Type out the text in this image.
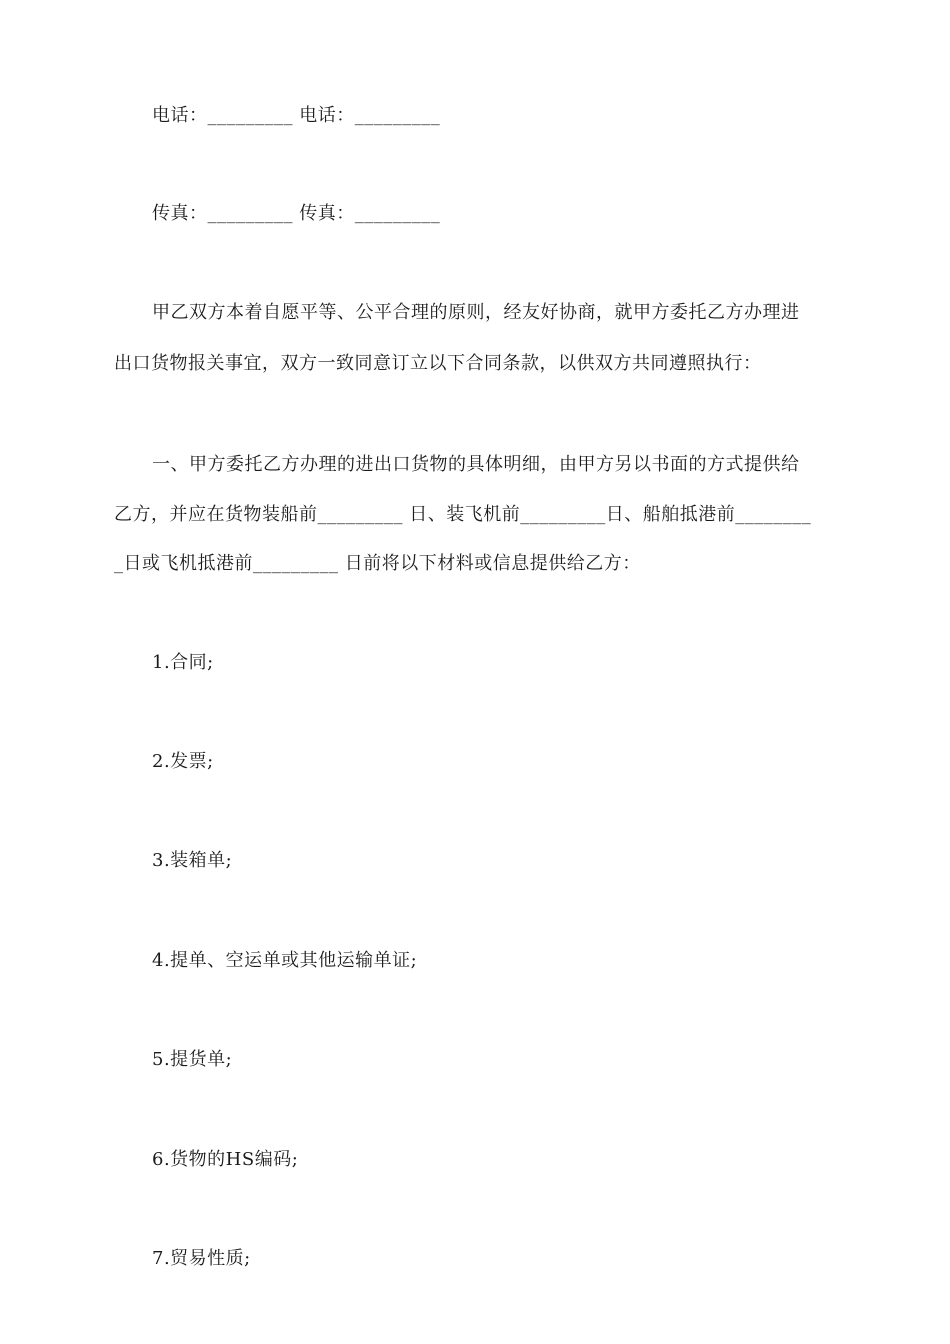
电话：_________ 电话：_________
传真：_________ 传真：_________
甲乙双方本着自愿平等、公平合理的原则，经友好协商，就甲方委托乙方办理进
出口货物报关事宜，双方一致同意订立以下合同条款，以供双方共同遵照执行：
一、甲方委托乙方办理的进出口货物的具体明细，由甲方另以书面的方式提供给
乙方，并应在货物装船前_________ 日、装飞机前_________日、船舶抵港前________
_日或飞机抵港前_________ 日前将以下材料或信息提供给乙方：
1.合同;
2.发票;
3.装箱单;
4.提单、空运单或其他运输单证;
5.提货单;
6.货物的HS编码;
7.贸易性质;
